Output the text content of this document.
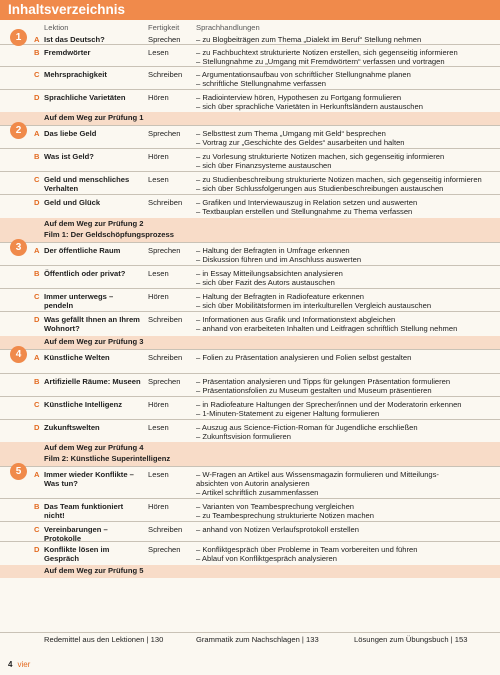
Inhaltsverzeichnis
Lektion	Fertigkeit Sprachhandlungen
1	A Ist das Deutsch?	Sprechen – zu Blogbeiträgen zum Thema „Dialekt im Beruf“ Stellung nehmen
B Fremdwörter	Lesen	– zu Fachbuchtext strukturierte Notizen erstellen, sich gegenseitig informieren
– Stellungnahme zu „Umgang mit Fremdwörtern“ verfassen und vortragen
C Mehrsprachigkeit	Schreiben – Argumentationsaufbau von schriftlicher Stellungnahme planen
– schriftliche Stellungnahme verfassen
D Sprachliche Varietäten	Hören	– Radiointerview hören, Hypothesen zu Fortgang formulieren
– sich über sprachliche Varietäten in Herkunftsländern austauschen
Auf dem Weg zur Prüfung 1
2	A Das liebe Geld	Sprechen – Selbsttest zum Thema „Umgang mit Geld“ besprechen
– Vortrag zur „Geschichte des Geldes“ ausarbeiten und halten
B Was ist Geld?	Hören	– zu Vorlesung strukturierte Notizen machen, sich gegenseitig informieren
– sich über Finanzsysteme austauschen
C Geld und menschliches Verhalten
Lesen	– zu Studienbeschreibung strukturierte Notizen machen, sich gegenseitig informieren
– sich über Schlussfolgerungen aus Studienbeschreibungen austauschen
D Geld und Glück	Schreiben – Grafiken und Interviewauszug in Relation setzen und auswerten
– Textbauplan erstellen und Stellungnahme zu Thema verfassen
Auf dem Weg zur Prüfung 2
Film 1: Der Geldschöpfungsprozess
3	A Der öffentliche Raum	Sprechen – Haltung der Befragten in Umfrage erkennen
– Diskussion führen und im Anschluss auswerten
B Öffentlich oder privat?	Lesen	– in Essay Mitteilungsabsichten analysieren
– sich über Fazit des Autors austauschen
C Immer unterwegs – pendeln
Hören	– Haltung der Befragten in Radiofeature erkennen
– sich über Mobilitätsformen im interkulturellen Vergleich austauschen
D Was gefällt Ihnen an Ihrem Wohnort?
Schreiben – Informationen aus Grafik und Informationstext abgleichen
– anhand von erarbeiteten Inhalten und Leitfragen schriftlich Stellung nehmen
Auf dem Weg zur Prüfung 3
4	A Künstliche Welten	Schreiben – Folien zu Präsentation analysieren und Folien selbst gestalten
B Artifizielle Räume: Museen Sprechen – Präsentation analysieren und Tipps für gelungen Präsentation formulieren
– Präsentationsfolien zu Museum gestalten und Museum präsentieren
C Künstliche Intelligenz	Hören	– in Radiofeature Haltungen der Sprecher/innen und der Moderatorin erkennen
– 1-Minuten-Statement zu eigener Haltung formulieren
D Zukunftswelten	Lesen	– Auszug aus Science-Fiction-Roman für Jugendliche erschließen
– Zukunftsvision formulieren
Auf dem Weg zur Prüfung 4
Film 2: Künstliche Superintelligenz
5	A Immer wieder Konflikte – Was tun?
Lesen	– W-Fragen an Artikel aus Wissensmagazin formulieren und Mitteilungs-
absichten von Autorin analysieren
– Artikel schriftlich zusammenfassen
B Das Team funktioniert nicht!
Hören	– Varianten von Teambesprechung vergleichen
– zu Teambesprechung strukturierte Notizen machen
C Vereinbarungen – Protokolle
Schreiben – anhand von Notizen Verlaufsprotokoll erstellen
D Konflikte lösen im Gespräch
Sprechen – Konfliktgespräch über Probleme in Team vorbereiten und führen
– Ablauf von Konfliktgespräch analysieren
Auf dem Weg zur Prüfung 5
Redemittel aus den Lektionen | 130	Grammatik zum Nachschlagen | 133	Lösungen zum Übungsbuch | 153
4 vier
